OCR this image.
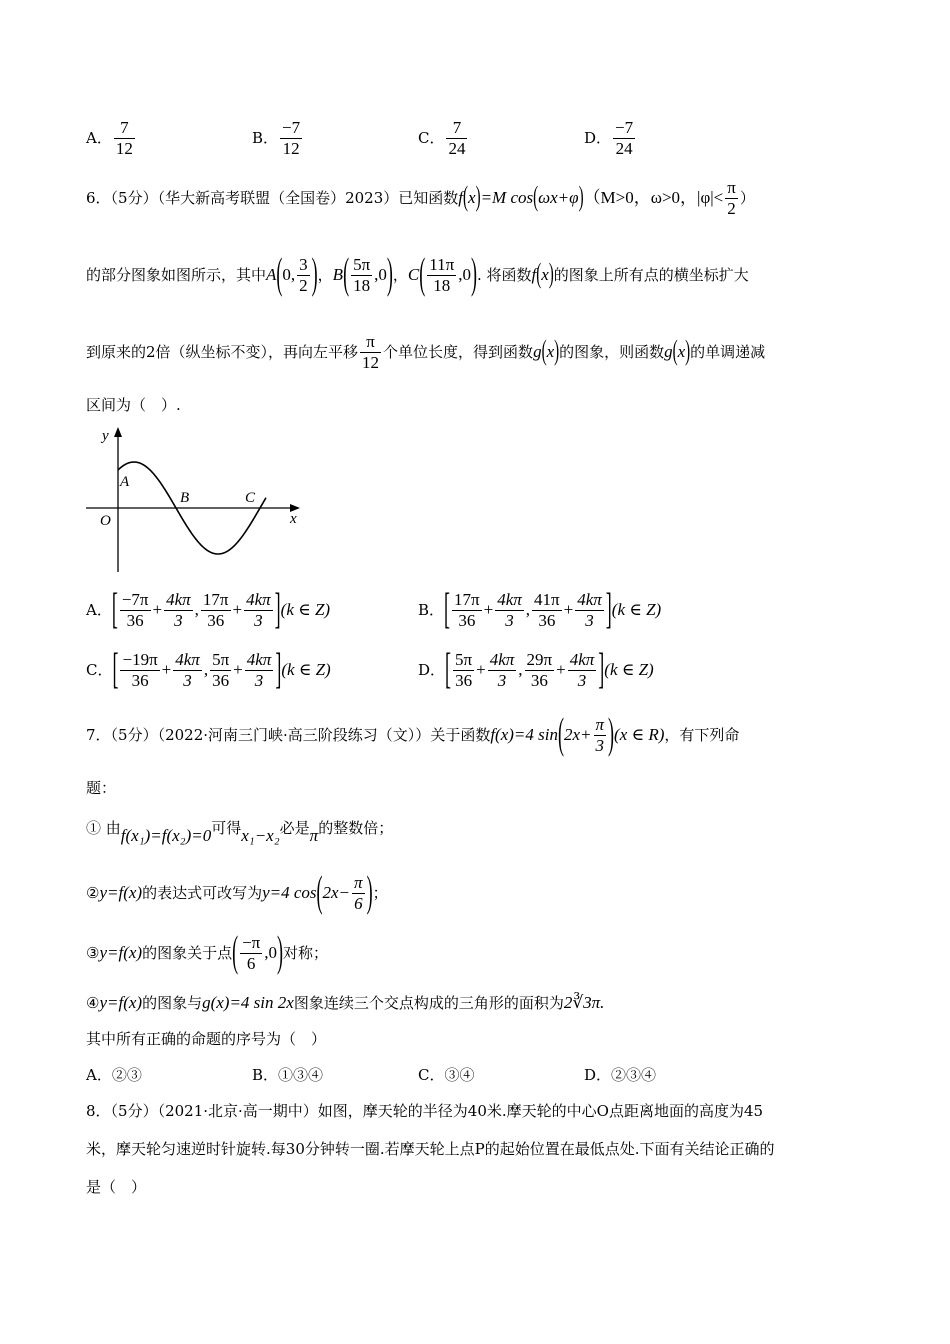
A． $\frac{7}{12}$	B． $\frac{-7}{12}$	C． $\frac{7}{24}$	D． $\frac{-7}{24}$
6．（5分）（华大新高考联盟（全国卷）2023）已知函数f(x)=M cos(ωx+φ)（M>0，ω>0，$|\varphi|< \frac{\pi}{2}$ ）
的部分图象如图所示，其中A(0, $\frac{3}{2}$ )，$B( \frac{5\pi}{18} ,0)$，$C( \frac{11\pi}{18} ,0)$. 将函数f(x)的图象上所有点的横坐标扩大
到原来的2倍（纵坐标不变），再向左平移 $\frac{\pi}{12}$ 个单位长度，得到函数g(x)的图象，则函数g(x)的单调递减
区间为（　）.
y
x
O
A
B	C
A．[ $\frac{-7\pi}{36} + \frac{4k\pi}{3}$ , $\frac{17\pi}{36} + \frac{4k\pi}{3} ](k$ ∈ Z)	B．[ $\frac{17\pi}{36} + \frac{4k\pi}{3}$ , $\frac{41\pi}{36} + \frac{4k\pi}{3} ](k$ ∈ Z)
C．[ $\frac{-19\pi}{36} + \frac{4k\pi}{3}$ , $\frac{5\pi}{36} + \frac{4k\pi}{3} ](k$ ∈ Z)	D．[ $\frac{5\pi}{36} + \frac{4k\pi}{3}$ , $\frac{29\pi}{36} + \frac{4k\pi}{3} ](k$ ∈ Z)
7．（5分）（2022·河南三门峡·高三阶段练习（文））关于函数f(x)=4 $\sin(2x+ \frac{\pi}{3} )(x$ ∈ R)，有下列命
题：
① 由f(x₁)=f(x₂)=0可得x₁−x₂必是π的整数倍；
②y=f(x)的表达式可改写为y=4 $\cos(2x- \frac{\pi}{6}$ )；
③y=f(x)的图象关于点( $\frac{-\pi}{6} ,0$)对称；
④y=f(x)的图象与g(x)=4 sin 2x图象连续三个交点构成的三角形的面积为2∛3π.
其中所有正确的命题的序号为（　）
A．②③	B．①③④	C．③④	D．②③④
8．（5分）（2021·北京·高一期中）如图，摩天轮的半径为40米.摩天轮的中心O点距离地面的高度为45
米，摩天轮匀速逆时针旋转.每30分钟转一圈.若摩天轮上点P的起始位置在最低点处.下面有关结论正确的
是（　）
